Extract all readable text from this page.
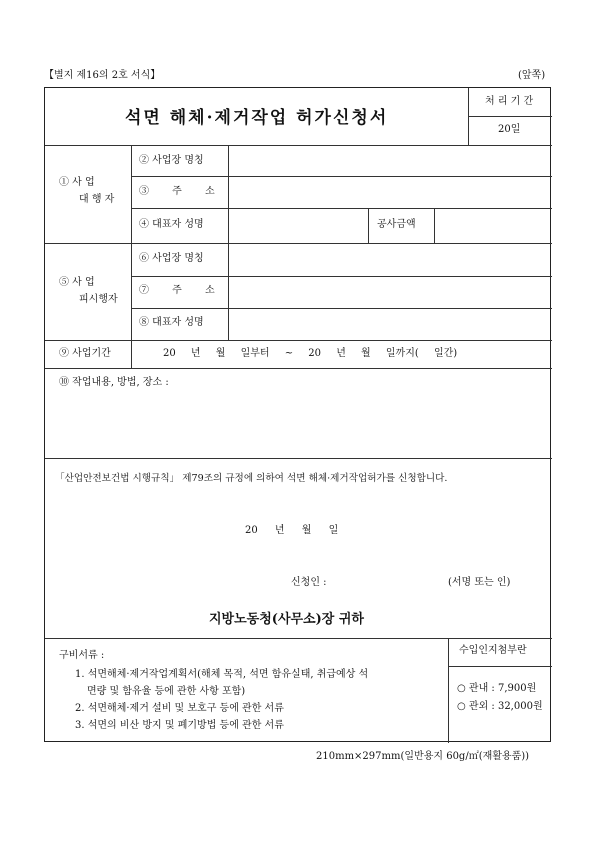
【별지 제16의 2호 서식】	(앞쪽)
석면 해체·제거작업 허가신청서
처 리 기 간
20일
① 사 업
대 행 자
② 사업장 명칭
③ 주 소
④ 대표자 성명	공사금액
⑤ 사 업
피시행자
⑥ 사업장 명칭
⑦ 주 소
⑧ 대표자 성명
⑨ 사업기간	20 년 월 일부터 ~ 20 년 월 일까지( 일간)
⑩ 작업내용, 방법, 장소 :
「산업안전보건법 시행규칙」 제79조의 규정에 의하여 석면 해체·제거작업허가를 신청합니다.
20 년 월 일
신청인 :	(서명 또는 인)
지방노동청(사무소)장 귀하
구비서류 :
1. 석면해체·제거작업계획서(해체 목적, 석면 함유실태, 취급예상 석
면량 및 함유율 등에 관한 사항 포함)
2. 석면해체·제거 설비 및 보호구 등에 관한 서류
3. 석면의 비산 방지 및 폐기방법 등에 관한 서류
수입인지첨부란
○ 관내 : 7,900원
○ 관외 : 32,000원
210mm×297mm(일반용지 60g/㎡(재활용품))
